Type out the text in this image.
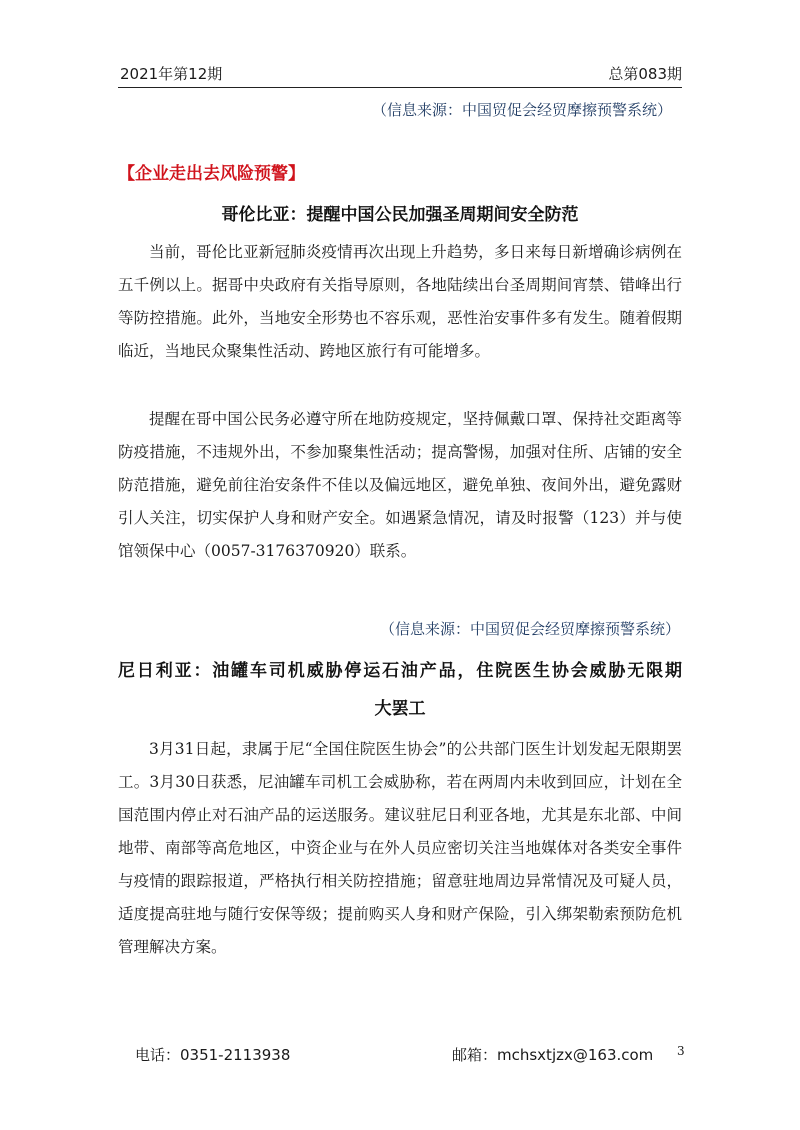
2021年第12期	总第083期
（信息来源：中国贸促会经贸摩擦预警系统）
【企业走出去风险预警】
哥伦比亚：提醒中国公民加强圣周期间安全防范

当前，哥伦比亚新冠肺炎疫情再次出现上升趋势，多日来每日新增确诊病例在五千例以上。据哥中央政府有关指导原则，各地陆续出台圣周期间宵禁、错峰出行等防控措施。此外，当地安全形势也不容乐观，恶性治安事件多有发生。随着假期临近，当地民众聚集性活动、跨地区旅行有可能增多。

提醒在哥中国公民务必遵守所在地防疫规定，坚持佩戴口罩、保持社交距离等防疫措施，不违规外出，不参加聚集性活动；提高警惕，加强对住所、店铺的安全防范措施，避免前往治安条件不佳以及偏远地区，避免单独、夜间外出，避免露财引人关注，切实保护人身和财产安全。如遇紧急情况，请及时报警（123）并与使馆领保中心（0057-3176370920）联系。

（信息来源：中国贸促会经贸摩擦预警系统）
尼日利亚：油罐车司机威胁停运石油产品，住院医生协会威胁无限期
大罢工

3月31日起，隶属于尼“全国住院医生协会”的公共部门医生计划发起无限期罢工。3月30日获悉，尼油罐车司机工会威胁称，若在两周内未收到回应，计划在全国范围内停止对石油产品的运送服务。建议驻尼日利亚各地，尤其是东北部、中间地带、南部等高危地区，中资企业与在外人员应密切关注当地媒体对各类安全事件与疫情的跟踪报道，严格执行相关防控措施；留意驻地周边异常情况及可疑人员，适度提高驻地与随行安保等级；提前购买人身和财产保险，引入绑架勒索预防危机管理解决方案。

电话：0351-2113938	邮箱：mchsxtjzx@163.com 3
